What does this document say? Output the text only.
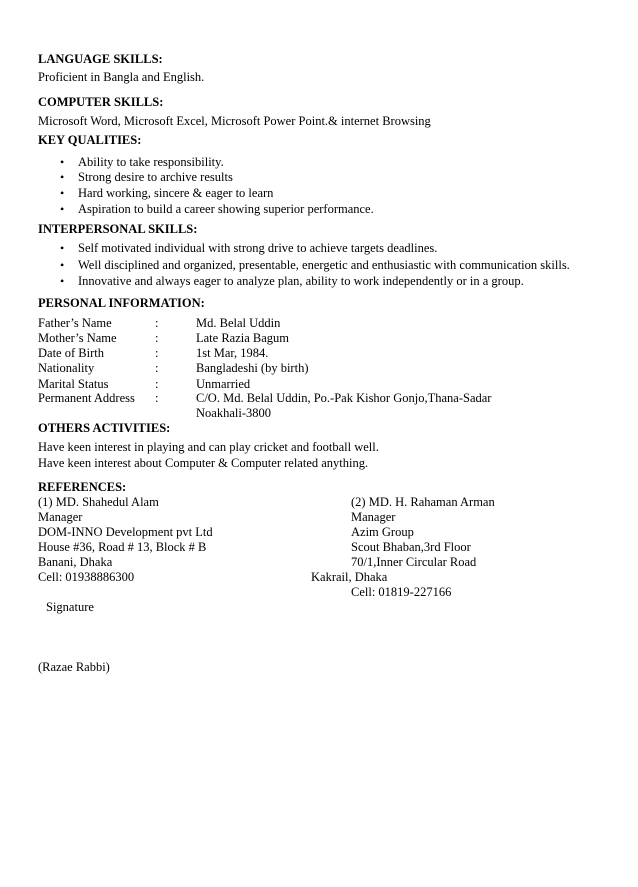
LANGUAGE SKILLS:
Proficient in Bangla and English.
COMPUTER SKILLS:
Microsoft Word, Microsoft Excel, Microsoft Power Point.& internet Browsing
KEY QUALITIES:
• Ability to take responsibility.
• Strong desire to archive results
• Hard working, sincere & eager to learn
• Aspiration to build a career showing superior performance.
INTERPERSONAL SKILLS:
• Self motivated individual with strong drive to achieve targets deadlines.
• Well disciplined and organized, presentable, energetic and enthusiastic with communication skills.
• Innovative and always eager to analyze plan, ability to work independently or in a group.
PERSONAL INFORMATION:
Father’s Name	:	Md. Belal Uddin
Mother’s Name	:	Late Razia Bagum
Date of Birth	:	1st Mar, 1984.
Nationality	:	Bangladeshi (by birth)
Marital Status	:	Unmarried
Permanent Address :	C/O. Md. Belal Uddin, Po.-Pak Kishor Gonjo,Thana-Sadar
Noakhali-3800
OTHERS ACTIVITIES:
Have keen interest in playing and can play cricket and football well.
Have keen interest about Computer & Computer related anything.
REFERENCES:
(1) MD. Shahedul Alam
Manager
DOM-INNO Development pvt Ltd
House #36, Road # 13, Block # B
Banani, Dhaka
Cell: 01938886300
(2) MD. H. Rahaman Arman
Manager
Azim Group
Scout Bhaban,3rd Floor
70/1,Inner Circular Road
Kakrail, Dhaka
Cell: 01819-227166
Signature
(Razae Rabbi)
